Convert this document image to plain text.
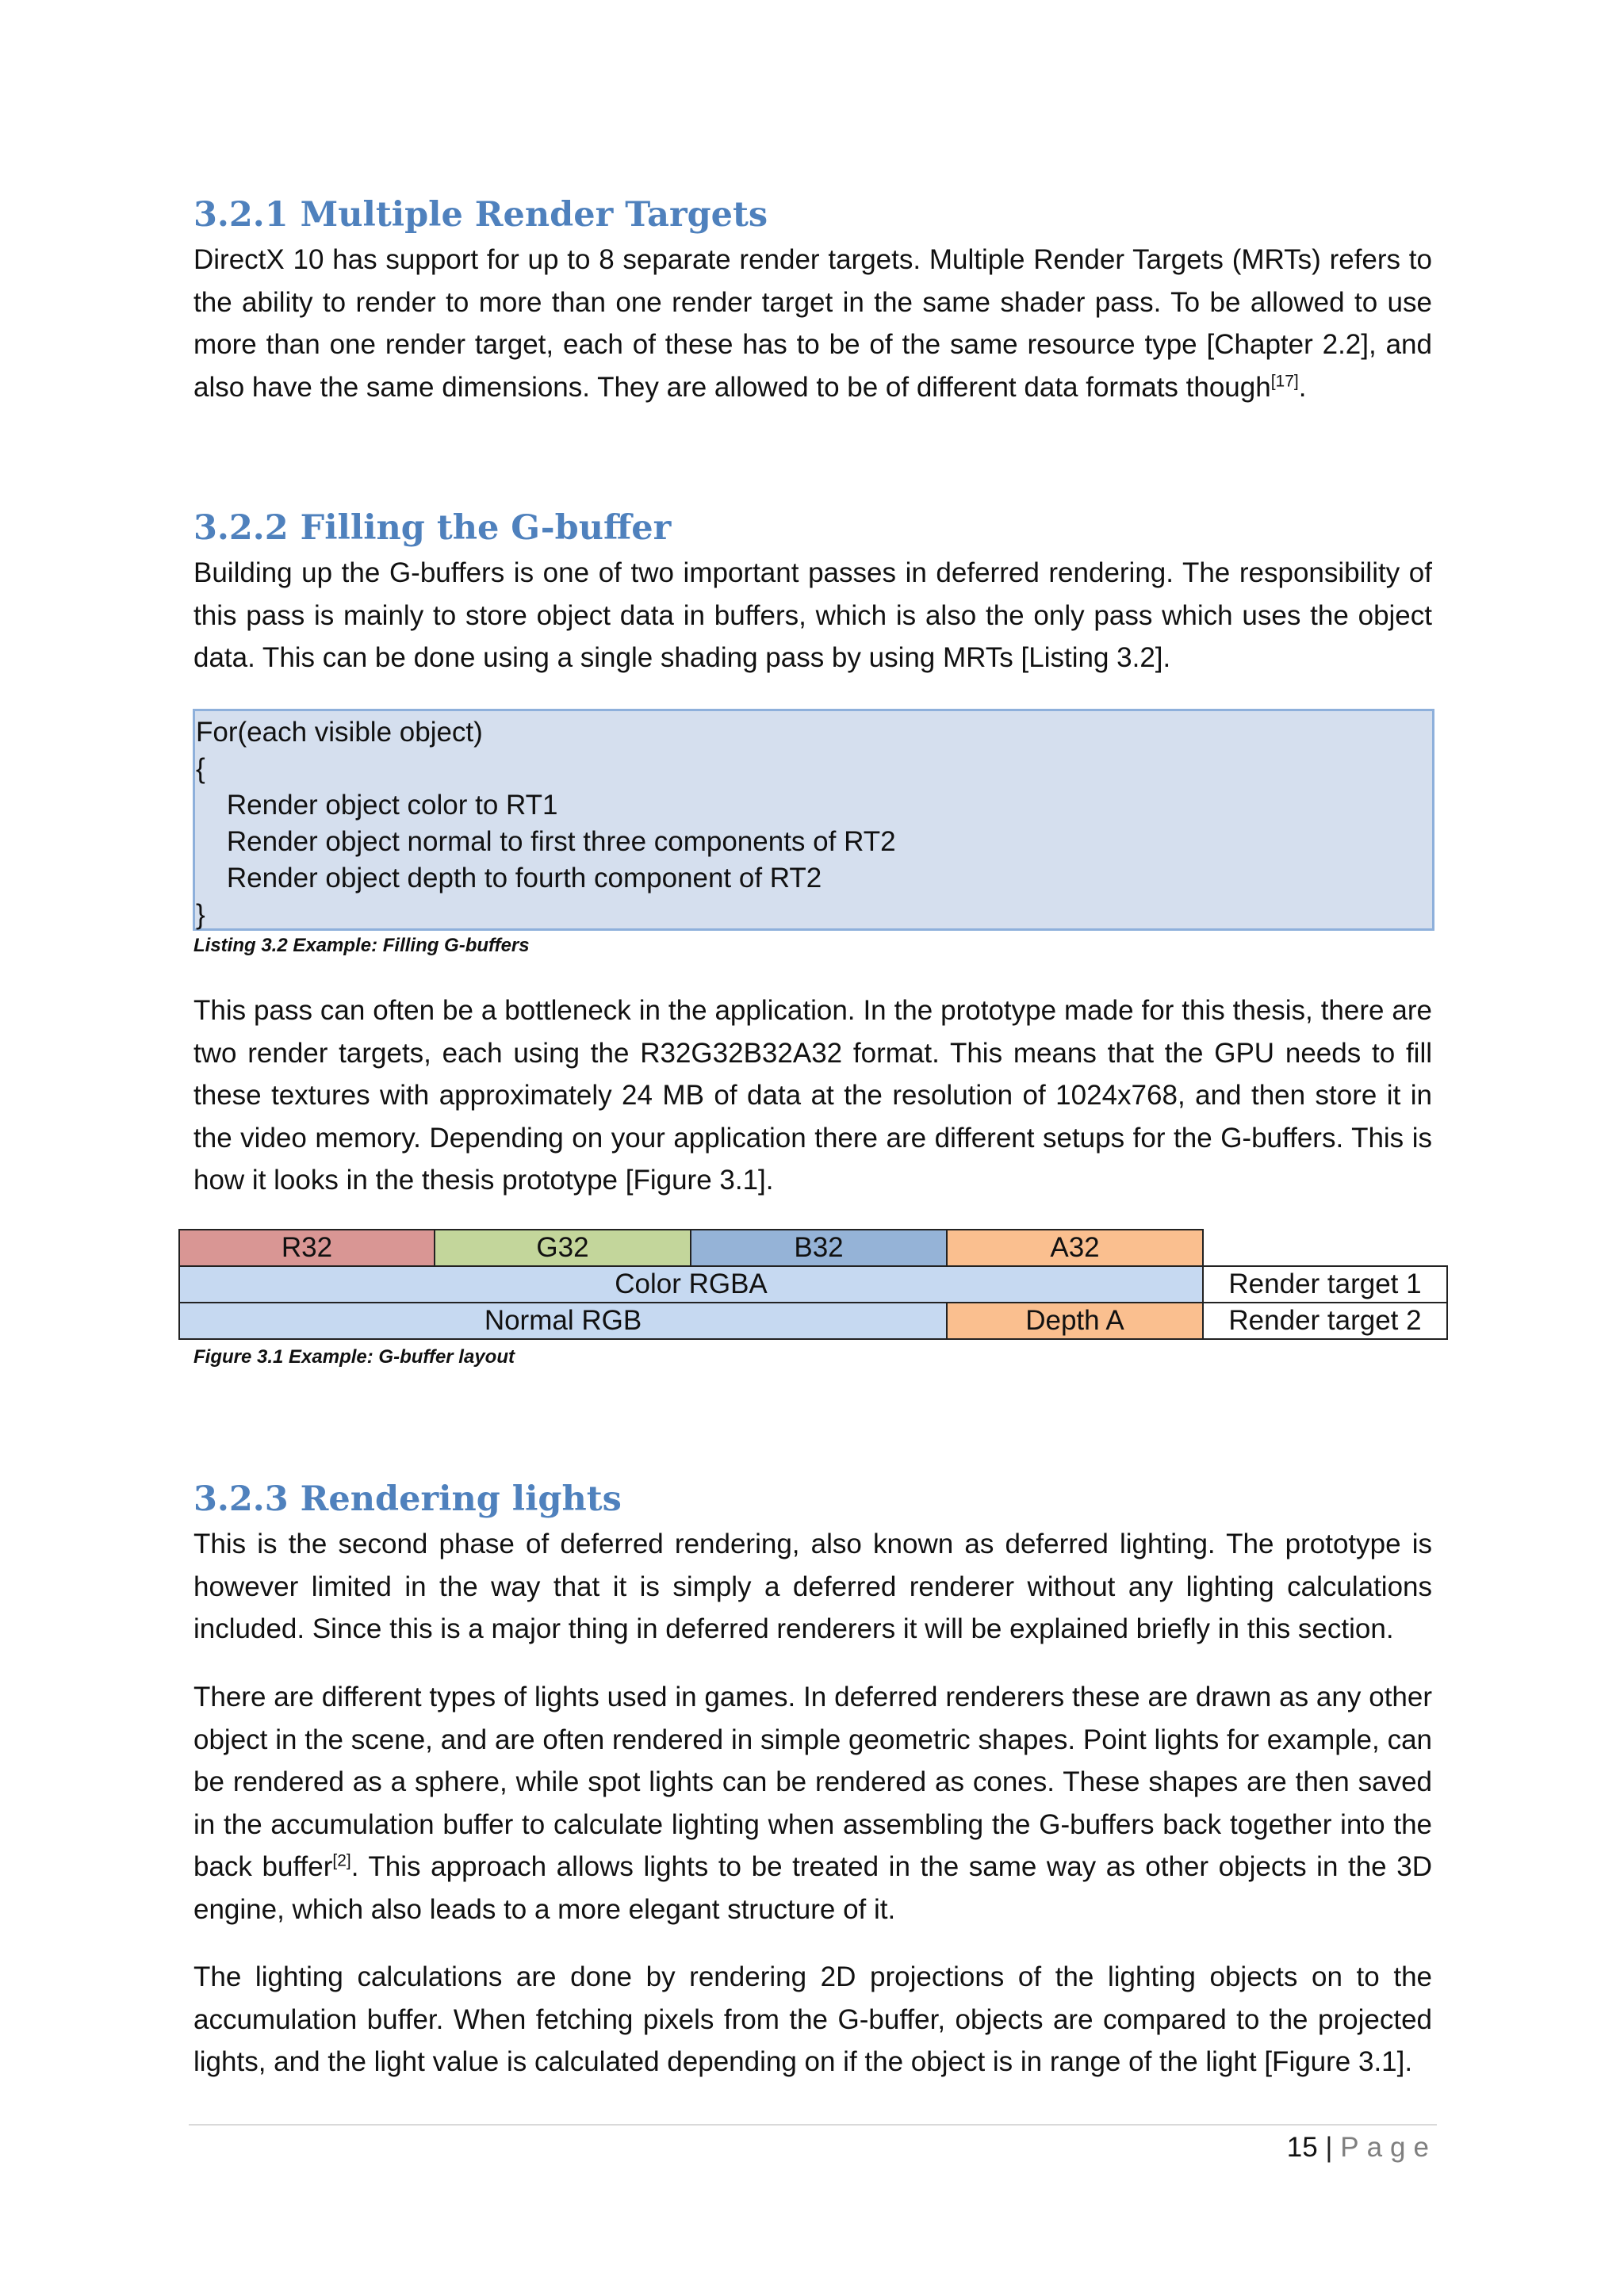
3.2.1 Multiple Render Targets

DirectX 10 has support for up to 8 separate render targets. Multiple Render Targets (MRTs) refers to the ability to render to more than one render target in the same shader pass. To be allowed to use more than one render target, each of these has to be of the same resource type [Chapter 2.2], and also have the same dimensions. They are allowed to be of different data formats though[17].

3.2.2 Filling the G-buffer

Building up the G-buffers is one of two important passes in deferred rendering. The responsibility of this pass is mainly to store object data in buffers, which is also the only pass which uses the object data. This can be done using a single shading pass by using MRTs [Listing 3.2].

For(each visible object)
{
Render object color to RT1
Render object normal to first three components of RT2
Render object depth to fourth component of RT2
}

Listing 3.2 Example: Filling G-buffers

This pass can often be a bottleneck in the application. In the prototype made for this thesis, there are two render targets, each using the R32G32B32A32 format. This means that the GPU needs to fill these textures with approximately 24 MB of data at the resolution of 1024x768, and then store it in the video memory. Depending on your application there are different setups for the G-buffers. This is how it looks in the thesis prototype [Figure 3.1].

R32	G32	B32	A32
Color RGBA	Render target 1
Normal RGB	Depth A	Render target 2

Figure 3.1 Example: G-buffer layout

3.2.3 Rendering lights

This is the second phase of deferred rendering, also known as deferred lighting. The prototype is however limited in the way that it is simply a deferred renderer without any lighting calculations included. Since this is a major thing in deferred renderers it will be explained briefly in this section.

There are different types of lights used in games. In deferred renderers these are drawn as any other object in the scene, and are often rendered in simple geometric shapes. Point lights for example, can be rendered as a sphere, while spot lights can be rendered as cones. These shapes are then saved in the accumulation buffer to calculate lighting when assembling the G-buffers back together into the back buffer[2]. This approach allows lights to be treated in the same way as other objects in the 3D engine, which also leads to a more elegant structure of it.

The lighting calculations are done by rendering 2D projections of the lighting objects on to the accumulation buffer. When fetching pixels from the G-buffer, objects are compared to the projected lights, and the light value is calculated depending on if the object is in range of the light [Figure 3.1].

15 | Page
